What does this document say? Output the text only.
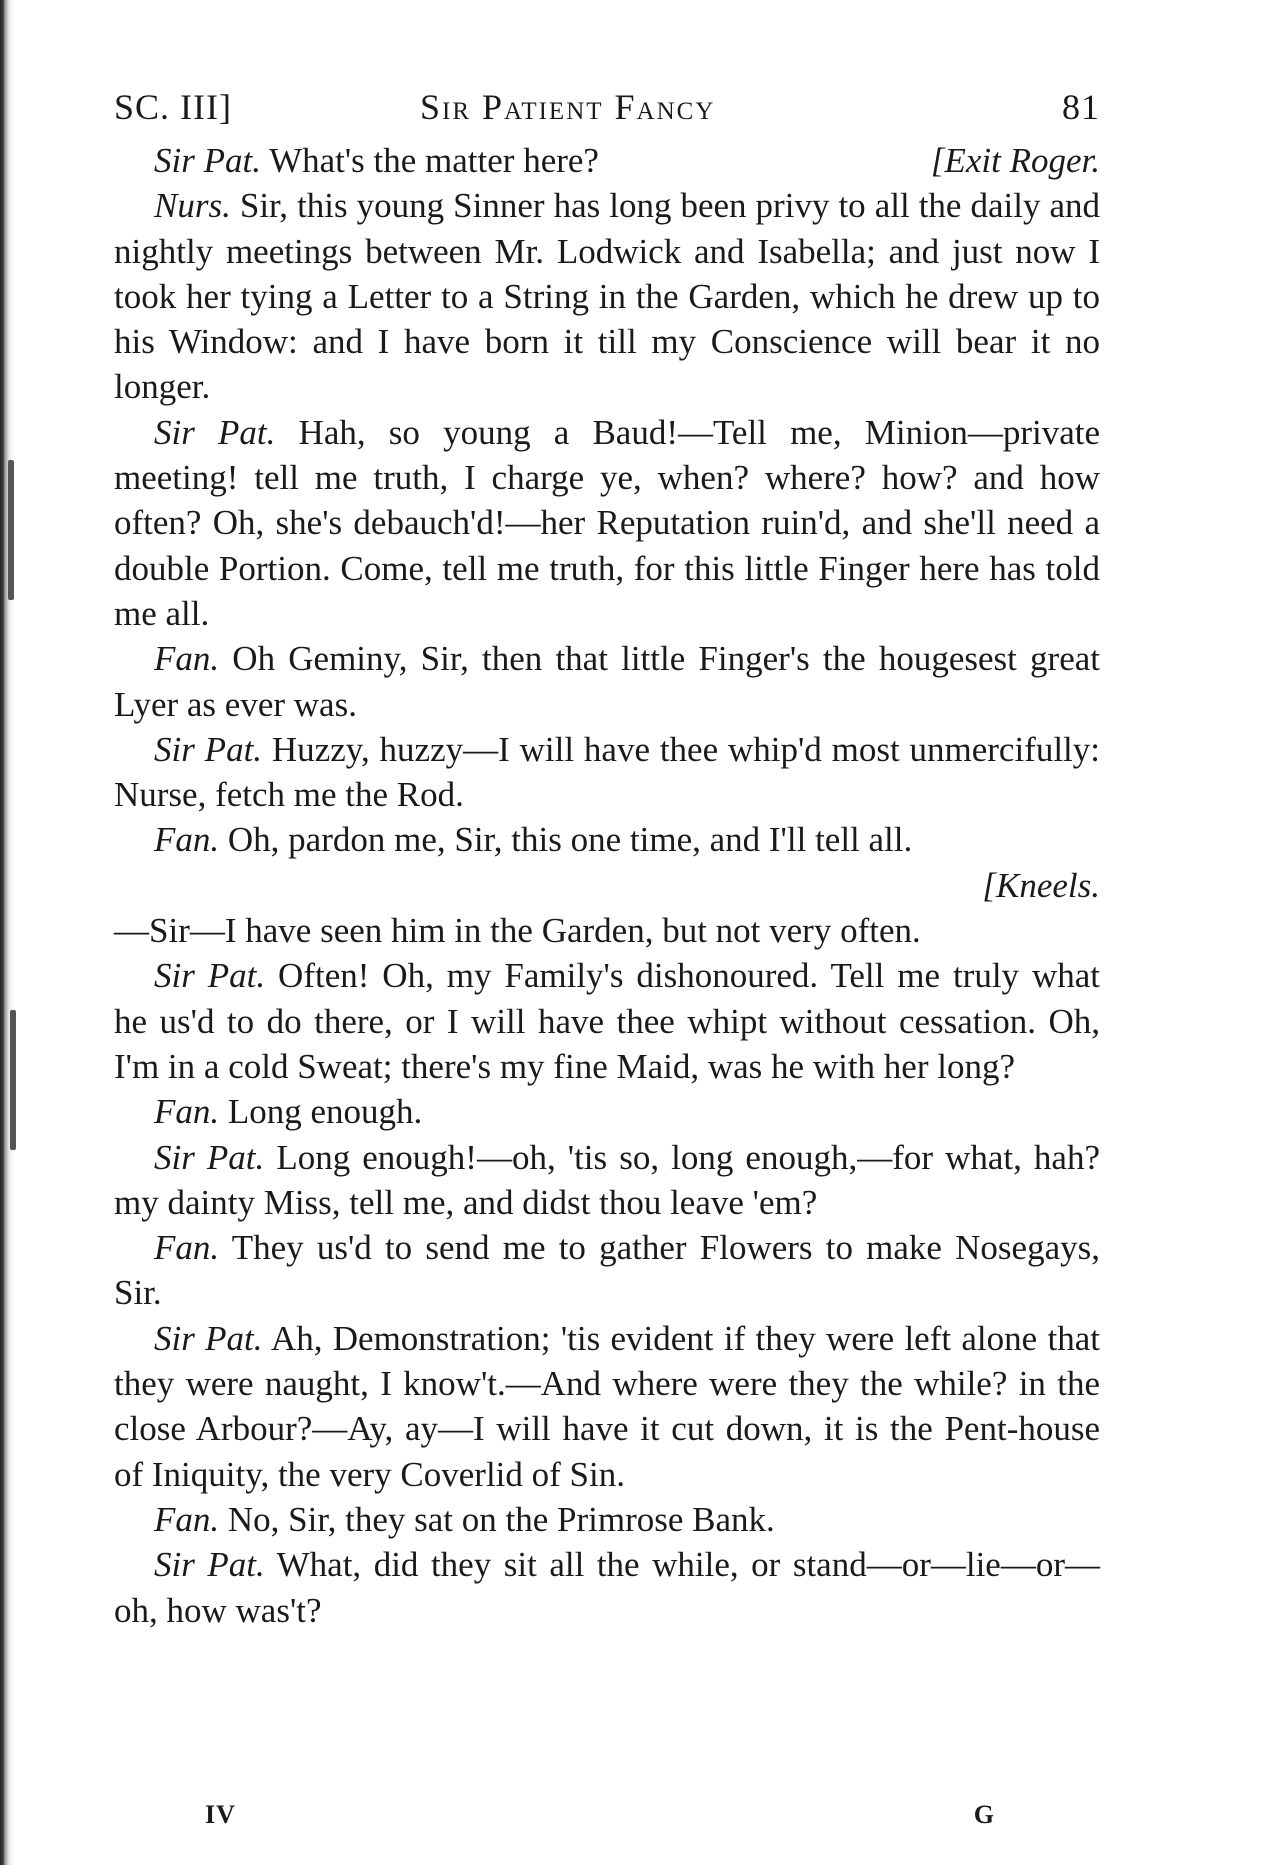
SC. III]	Sir Patient Fancy	81

Sir Pat. What's the matter here?	[Exit Roger.

Nurs. Sir, this young Sinner has long been privy to all the daily and nightly meetings between Mr. Lodwick and Isabella; and just now I took her tying a Letter to a String in the Garden, which he drew up to his Window: and I have born it till my Conscience will bear it no longer.

Sir Pat. Hah, so young a Baud!—Tell me, Minion—private meeting! tell me truth, I charge ye, when? where? how? and how often? Oh, she's debauch'd!—her Reputation ruin'd, and she'll need a double Portion. Come, tell me truth, for this little Finger here has told me all.

Fan. Oh Geminy, Sir, then that little Finger's the hougesest great Lyer as ever was.

Sir Pat. Huzzy, huzzy—I will have thee whip'd most unmercifully: Nurse, fetch me the Rod.

Fan. Oh, pardon me, Sir, this one time, and I'll tell all.

[Kneels.

—Sir—I have seen him in the Garden, but not very often.

Sir Pat. Often! Oh, my Family's dishonoured. Tell me truly what he us'd to do there, or I will have thee whipt without cessation. Oh, I'm in a cold Sweat; there's my fine Maid, was he with her long?

Fan. Long enough.

Sir Pat. Long enough!—oh, 'tis so, long enough,—for what, hah? my dainty Miss, tell me, and didst thou leave 'em?

Fan. They us'd to send me to gather Flowers to make Nosegays, Sir.

Sir Pat. Ah, Demonstration; 'tis evident if they were left alone that they were naught, I know't.—And where were they the while? in the close Arbour?—Ay, ay—I will have it cut down, it is the Pent-house of Iniquity, the very Coverlid of Sin.

Fan. No, Sir, they sat on the Primrose Bank.

Sir Pat. What, did they sit all the while, or stand—or—lie—or—oh, how was't?

IV	G
